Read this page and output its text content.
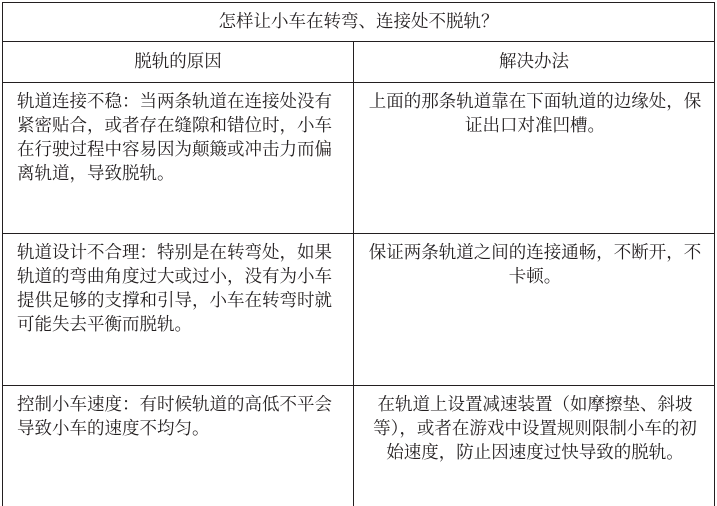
怎样让小车在转弯、连接处不脱轨？	
脱轨的原因	解决办法
轨道连接不稳：当两条轨道在连接处没有紧密贴合，或者存在缝隙和错位时，小车在行驶过程中容易因为颠簸或冲击力而偏离轨道，导致脱轨。	上面的那条轨道靠在下面轨道的边缘处，保证出口对准凹槽。
轨道设计不合理：特别是在转弯处，如果轨道的弯曲角度过大或过小，没有为小车提供足够的支撑和引导，小车在转弯时就可能失去平衡而脱轨。	保证两条轨道之间的连接通畅，不断开，不卡顿。
控制小车速度：有时候轨道的高低不平会导致小车的速度不均匀。	在轨道上设置减速装置（如摩擦垫、斜坡等），或者在游戏中设置规则限制小车的初始速度，防止因速度过快导致的脱轨。
